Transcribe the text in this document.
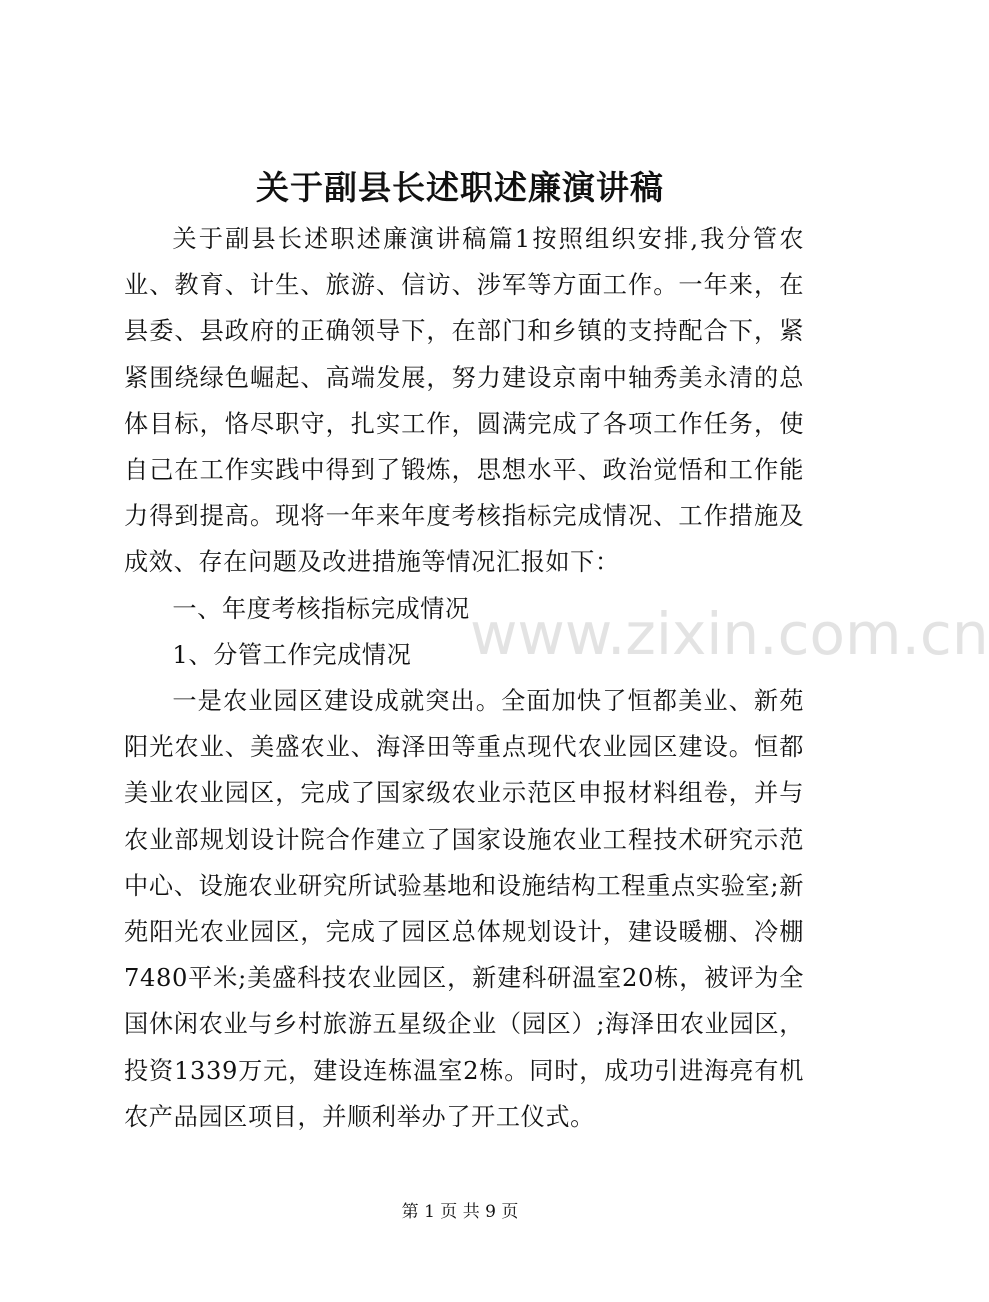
关于副县长述职述廉演讲稿

关于副县长述职述廉演讲稿篇1按照组织安排,我分管农业、教育、计生、旅游、信访、涉军等方面工作。一年来，在县委、县政府的正确领导下，在部门和乡镇的支持配合下，紧紧围绕绿色崛起、高端发展，努力建设京南中轴秀美永清的总体目标，恪尽职守，扎实工作，圆满完成了各项工作任务，使自己在工作实践中得到了锻炼，思想水平、政治觉悟和工作能力得到提高。现将一年来年度考核指标完成情况、工作措施及成效、存在问题及改进措施等情况汇报如下：

一、年度考核指标完成情况

1、分管工作完成情况

一是农业园区建设成就突出。全面加快了恒都美业、新苑阳光农业、美盛农业、海泽田等重点现代农业园区建设。恒都美业农业园区，完成了国家级农业示范区申报材料组卷，并与农业部规划设计院合作建立了国家设施农业工程技术研究示范中心、设施农业研究所试验基地和设施结构工程重点实验室;新苑阳光农业园区，完成了园区总体规划设计，建设暖棚、冷棚7480平米;美盛科技农业园区，新建科研温室20栋，被评为全国休闲农业与乡村旅游五星级企业（园区）;海泽田农业园区，投资1339万元，建设连栋温室2栋。同时，成功引进海亮有机农产品园区项目，并顺利举办了开工仪式。

www.zixin.com.cn
第 1 页 共 9 页
